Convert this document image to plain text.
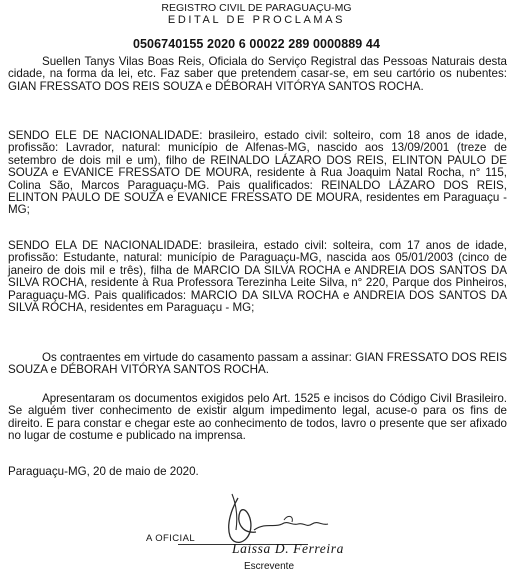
REGISTRO CIVIL DE PARAGUAÇU-MG
EDITAL DE PROCLAMAS
0506740155 2020 6 00022 289 0000889 44

Suellen Tanys Vilas Boas Reis, Oficiala do Serviço Registral das Pessoas Naturais desta cidade, na forma da lei, etc. Faz saber que pretendem casar-se, em seu cartório os nubentes: GIAN FRESSATO DOS REIS SOUZA e DÉBORAH VITÓRYA SANTOS ROCHA.

SENDO ELE DE NACIONALIDADE: brasileiro, estado civil: solteiro, com 18 anos de idade, profissão: Lavrador, natural: município de Alfenas-MG, nascido aos 13/09/2001 (treze de setembro de dois mil e um), filho de REINALDO LÁZARO DOS REIS, ELINTON PAULO DE SOUZA e EVANICE FRESSATO DE MOURA, residente à Rua Joaquim Natal Rocha, n° 115, Colina São, Marcos Paraguaçu-MG. Pais qualificados: REINALDO LÁZARO DOS REIS, ELINTON PAULO DE SOUZA e EVANICE FRESSATO DE MOURA, residentes em Paraguaçu - MG;

SENDO ELA DE NACIONALIDADE: brasileira, estado civil: solteira, com 17 anos de idade, profissão: Estudante, natural: município de Paraguaçu-MG, nascida aos 05/01/2003 (cinco de janeiro de dois mil e três), filha de MARCIO DA SILVA ROCHA e ANDREIA DOS SANTOS DA SILVA ROCHA, residente à Rua Professora Terezinha Leite Silva, n° 220, Parque dos Pinheiros, Paraguaçu-MG. Pais qualificados: MARCIO DA SILVA ROCHA e ANDREIA DOS SANTOS DA SILVA ROCHA, residentes em Paraguaçu - MG;

Os contraentes em virtude do casamento passam a assinar: GIAN FRESSATO DOS REIS SOUZA e DÉBORAH VITÓRYA SANTOS ROCHA.

Apresentaram os documentos exigidos pelo Art. 1525 e incisos do Código Civil Brasileiro. Se alguém tiver conhecimento de existir algum impedimento legal, acuse-o para os fins de direito. E para constar e chegar este ao conhecimento de todos, lavro o presente que ser afixado no lugar de costume e publicado na imprensa.

Paraguaçu-MG, 20 de maio de 2020.

A OFICIAL
Laissa D. Ferreira
Escrevente
